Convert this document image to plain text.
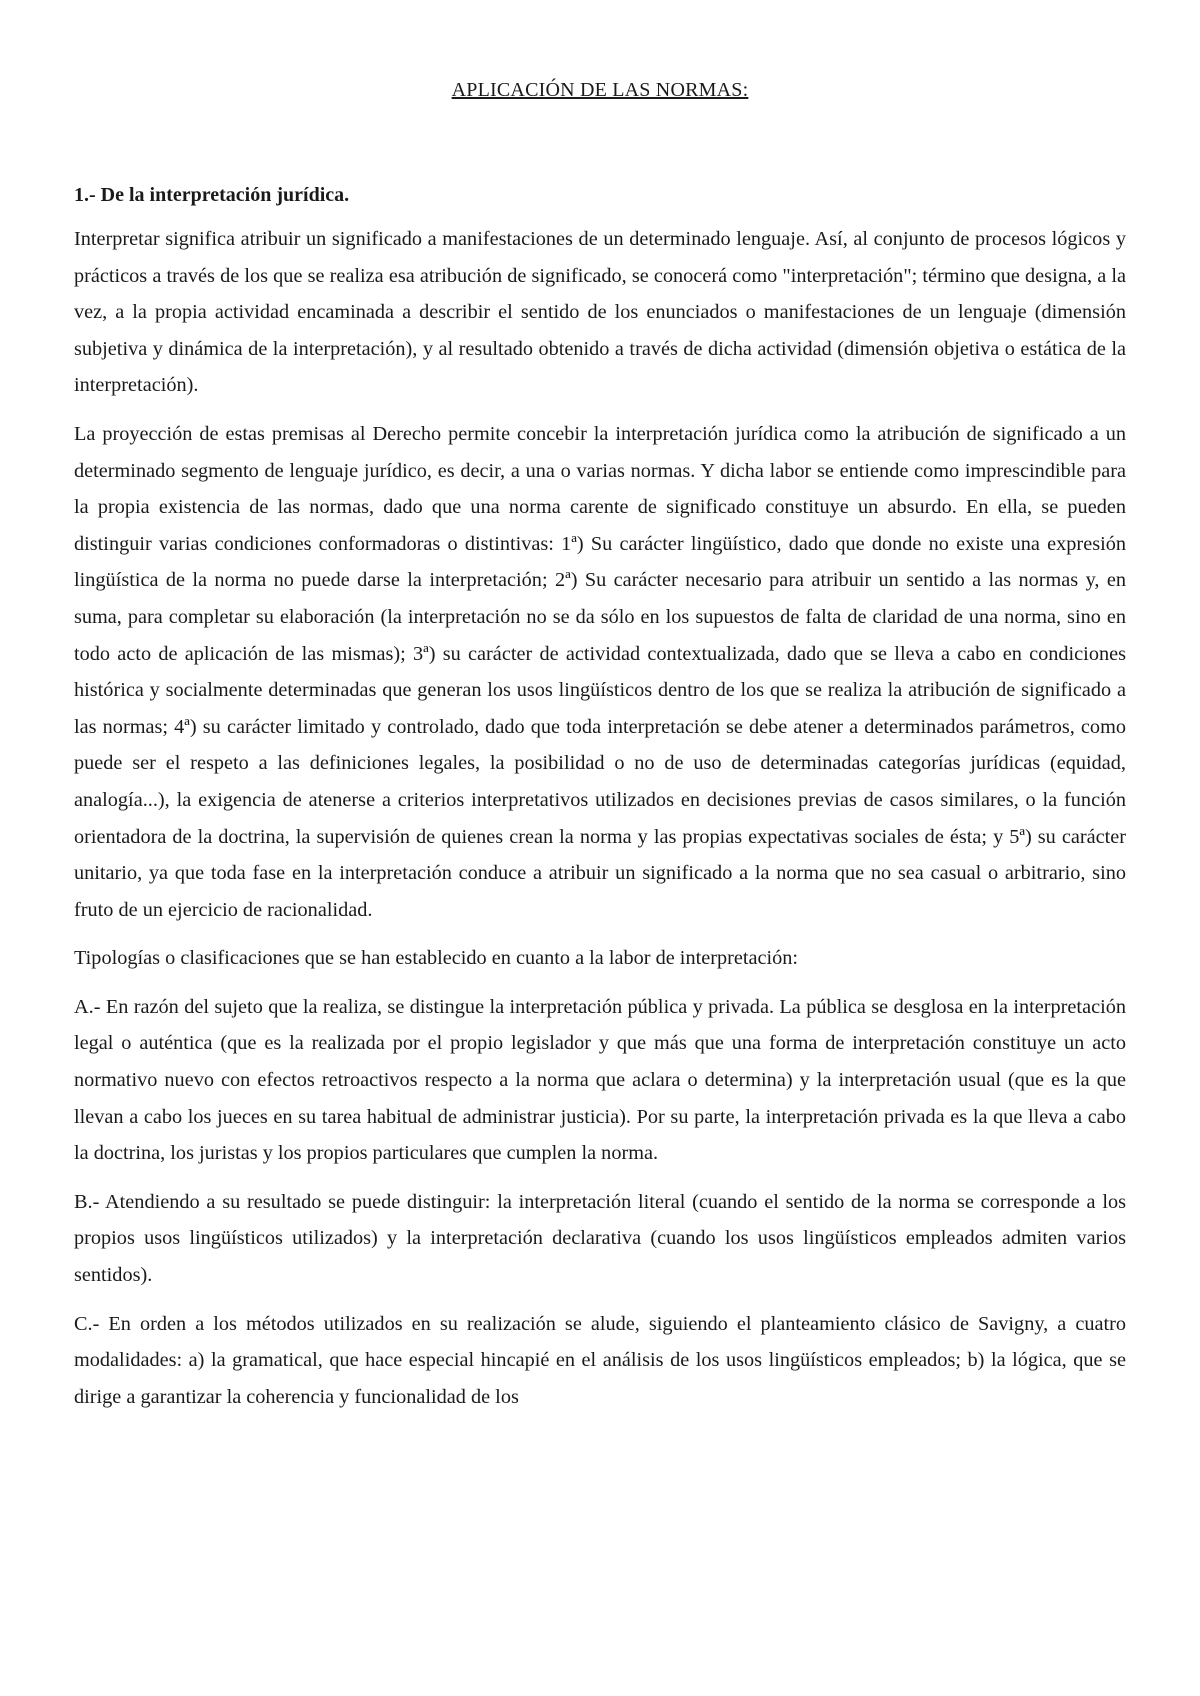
APLICACIÓN DE LAS NORMAS:

1.- De la interpretación jurídica.

Interpretar significa atribuir un significado a manifestaciones de un determinado lenguaje. Así, al conjunto de procesos lógicos y prácticos a través de los que se realiza esa atribución de significado, se conocerá como "interpretación"; término que designa, a la vez, a la propia actividad encaminada a describir el sentido de los enunciados o manifestaciones de un lenguaje (dimensión subjetiva y dinámica de la interpretación), y al resultado obtenido a través de dicha actividad (dimensión objetiva o estática de la interpretación).

La proyección de estas premisas al Derecho permite concebir la interpretación jurídica como la atribución de significado a un determinado segmento de lenguaje jurídico, es decir, a una o varias normas. Y dicha labor se entiende como imprescindible para la propia existencia de las normas, dado que una norma carente de significado constituye un absurdo. En ella, se pueden distinguir varias condiciones conformadoras o distintivas: 1ª) Su carácter lingüístico, dado que donde no existe una expresión lingüística de la norma no puede darse la interpretación; 2ª) Su carácter necesario para atribuir un sentido a las normas y, en suma, para completar su elaboración (la interpretación no se da sólo en los supuestos de falta de claridad de una norma, sino en todo acto de aplicación de las mismas); 3ª) su carácter de actividad contextualizada, dado que se lleva a cabo en condiciones histórica y socialmente determinadas que generan los usos lingüísticos dentro de los que se realiza la atribución de significado a las normas; 4ª) su carácter limitado y controlado, dado que toda interpretación se debe atener a determinados parámetros, como puede ser el respeto a las definiciones legales, la posibilidad o no de uso de determinadas categorías jurídicas (equidad, analogía...), la exigencia de atenerse a criterios interpretativos utilizados en decisiones previas de casos similares, o la función orientadora de la doctrina, la supervisión de quienes crean la norma y las propias expectativas sociales de ésta; y 5ª) su carácter unitario, ya que toda fase en la interpretación conduce a atribuir un significado a la norma que no sea casual o arbitrario, sino fruto de un ejercicio de racionalidad.

Tipologías o clasificaciones que se han establecido en cuanto a la labor de interpretación:

A.- En razón del sujeto que la realiza, se distingue la interpretación pública y privada. La pública se desglosa en la interpretación legal o auténtica (que es la realizada por el propio legislador y que más que una forma de interpretación constituye un acto normativo nuevo con efectos retroactivos respecto a la norma que aclara o determina) y la interpretación usual (que es la que llevan a cabo los jueces en su tarea habitual de administrar justicia). Por su parte, la interpretación privada es la que lleva a cabo la doctrina, los juristas y los propios particulares que cumplen la norma.

B.- Atendiendo a su resultado se puede distinguir: la interpretación literal (cuando el sentido de la norma se corresponde a los propios usos lingüísticos utilizados) y la interpretación declarativa (cuando los usos lingüísticos empleados admiten varios sentidos).

C.- En orden a los métodos utilizados en su realización se alude, siguiendo el planteamiento clásico de Savigny, a cuatro modalidades: a) la gramatical, que hace especial hincapié en el análisis de los usos lingüísticos empleados; b) la lógica, que se dirige a garantizar la coherencia y funcionalidad de los
